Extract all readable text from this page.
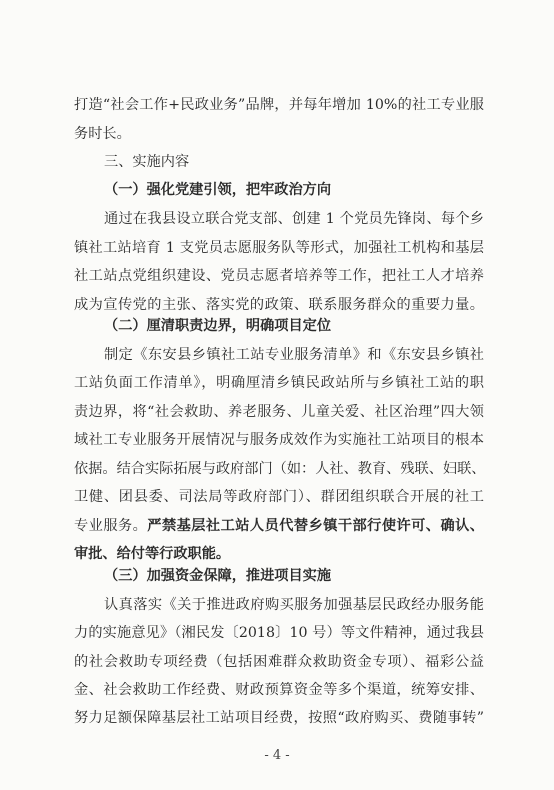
打造“社会工作+民政业务”品牌，并每年增加 10%的社工专业服
务时长。
三、实施内容
（一）强化党建引领，把牢政治方向
通过在我县设立联合党支部、创建 1 个党员先锋岗、每个乡
镇社工站培育 1 支党员志愿服务队等形式，加强社工机构和基层
社工站点党组织建设、党员志愿者培养等工作，把社工人才培养
成为宣传党的主张、落实党的政策、联系服务群众的重要力量。
（二）厘清职责边界，明确项目定位
制定《东安县乡镇社工站专业服务清单》和《东安县乡镇社
工站负面工作清单》，明确厘清乡镇民政站所与乡镇社工站的职
责边界，将“社会救助、养老服务、儿童关爱、社区治理”四大领
域社工专业服务开展情况与服务成效作为实施社工站项目的根本
依据。结合实际拓展与政府部门（如：人社、教育、残联、妇联、
卫健、团县委、司法局等政府部门）、群团组织联合开展的社工
专业服务。严禁基层社工站人员代替乡镇干部行使许可、确认、
审批、给付等行政职能。
（三）加强资金保障，推进项目实施
认真落实《关于推进政府购买服务加强基层民政经办服务能
力的实施意见》（湘民发〔2018〕10 号）等文件精神，通过我县
的社会救助专项经费（包括困难群众救助资金专项）、福彩公益
金、社会救助工作经费、财政预算资金等多个渠道，统筹安排、
努力足额保障基层社工站项目经费，按照“政府购买、费随事转”
- 4 -
